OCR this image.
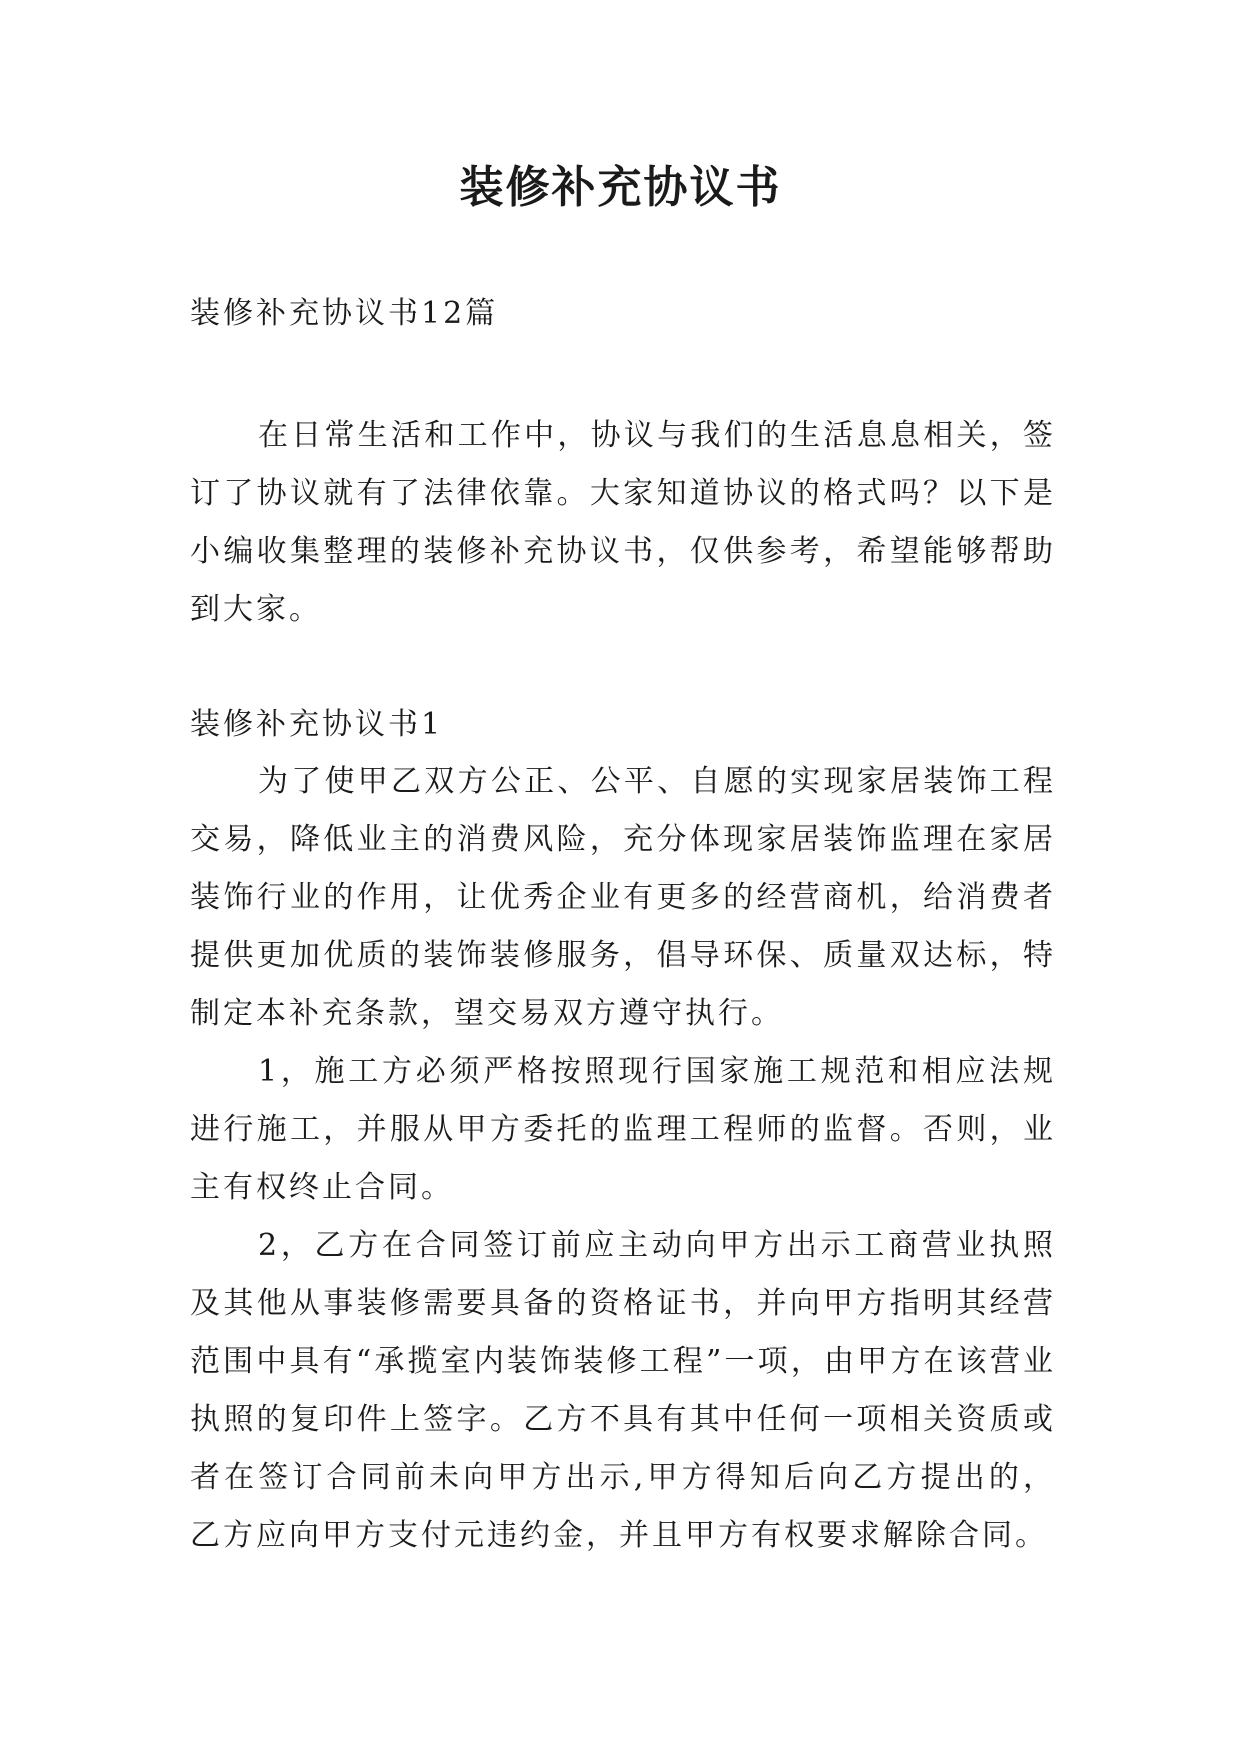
装修补充协议书
装修补充协议书12篇

在日常生活和工作中，协议与我们的生活息息相关，签订了协议就有了法律依靠。大家知道协议的格式吗？以下是小编收集整理的装修补充协议书，仅供参考，希望能够帮助到大家。

装修补充协议书1

为了使甲乙双方公正、公平、自愿的实现家居装饰工程交易，降低业主的消费风险，充分体现家居装饰监理在家居装饰行业的作用，让优秀企业有更多的经营商机，给消费者提供更加优质的装饰装修服务，倡导环保、质量双达标，特制定本补充条款，望交易双方遵守执行。

1，施工方必须严格按照现行国家施工规范和相应法规进行施工，并服从甲方委托的监理工程师的监督。否则，业主有权终止合同。

2，乙方在合同签订前应主动向甲方出示工商营业执照及其他从事装修需要具备的资格证书，并向甲方指明其经营范围中具有“承揽室内装饰装修工程”一项，由甲方在该营业执照的复印件上签字。乙方不具有其中任何一项相关资质或者在签订合同前未向甲方出示,甲方得知后向乙方提出的，乙方应向甲方支付元违约金，并且甲方有权要求解除合同。
